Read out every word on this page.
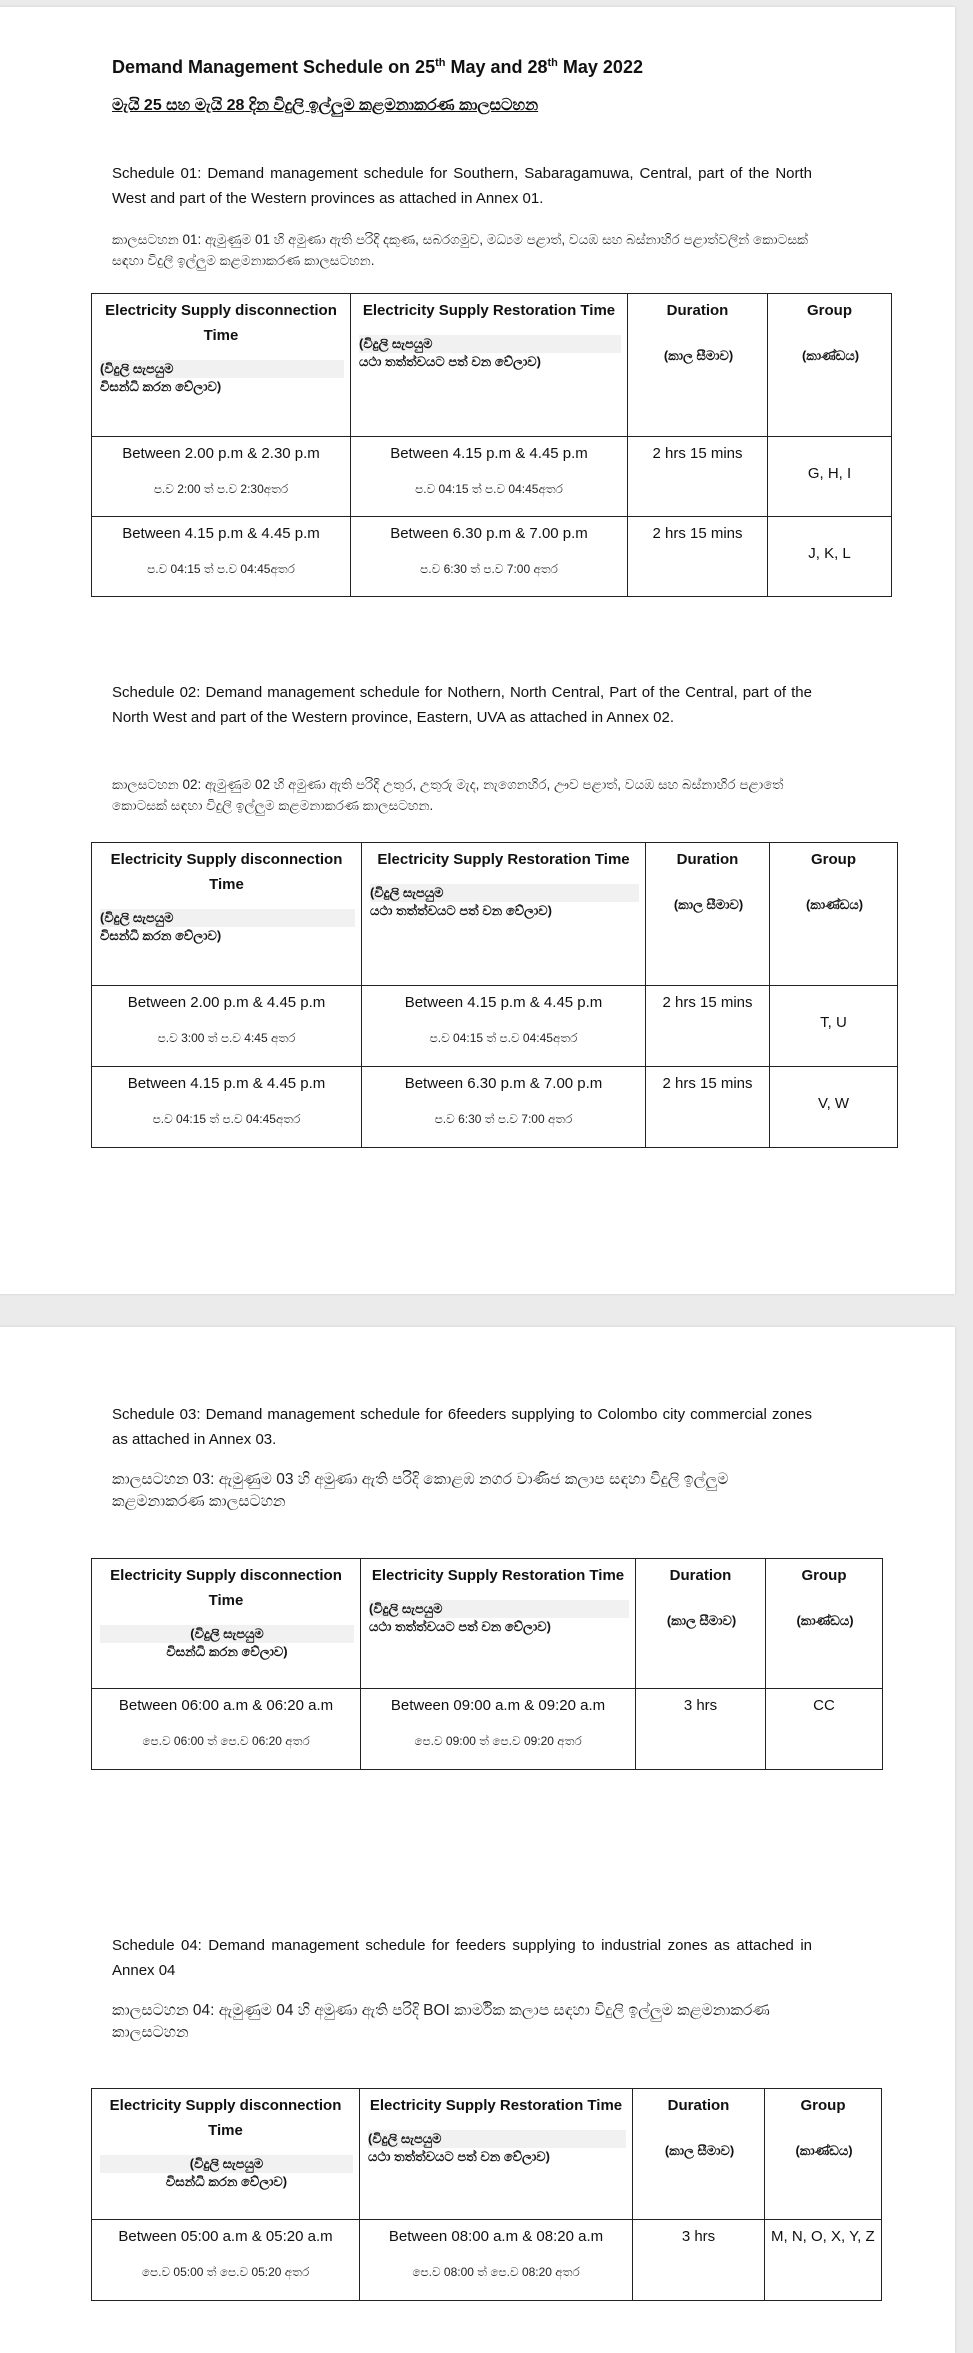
Demand Management Schedule on 25th May and 28th May 2022
මැයි 25 සහ මැයි 28 දින විදුලි ඉල්ලුම කළමනාකරණ කාලසටහන
Schedule 01: Demand management schedule for Southern, Sabaragamuwa, Central, part of the North West and part of the Western provinces as attached in Annex 01.
කාලසටහන 01: ඇමුණුම 01 හි අමුණා ඇති පරිදි දකුණ, සබරගමුව, මධ්‍යම පළාත්, වයඹ සහ බස්නාහිර පළාත්වලින් කොටසක් සඳහා විදුලි ඉල්ලුම කළමනාකරණ කාලසටහන.
Electricity Supply disconnection Time
(විදුලි සැපයුම
විසන්ධි කරන වේලාව)	Electricity Supply Restoration Time
(විදුලි සැපයුම
යථා තත්ත්වයට පත් වන වේලාව)	Duration
(කාල සීමාව)	Group
(කාණ්ඩය)

Between 2.00 p.m & 2.30 p.m
ප.ව 2:00 ත් ප.ව 2:30අතර	Between 4.15 p.m & 4.45 p.m
ප.ව 04:15 ත් ප.ව 04:45අතර	2 hrs 15 mins	G, H, I

Between 4.15 p.m & 4.45 p.m
ප.ව 04:15 ත් ප.ව 04:45අතර	Between 6.30 p.m & 7.00 p.m
ප.ව 6:30 ත් ප.ව 7:00 අතර	2 hrs 15 mins	J, K, L
Schedule 02: Demand management schedule for Nothern, North Central, Part of the Central, part of the North West and part of the Western province, Eastern, UVA as attached in Annex 02.
කාලසටහන 02: ඇමුණුම 02 හි අමුණා ඇති පරිදි උතුර, උතුරු මැද, නැගෙනහිර, ඌව පළාත්, වයඹ සහ බස්නාහිර පළාතේ කොටසක් සඳහා විදුලි ඉල්ලුම කළමනාකරණ කාලසටහන.
Electricity Supply disconnection Time
(විදුලි සැපයුම
විසන්ධි කරන වේලාව)	Electricity Supply Restoration Time
(විදුලි සැපයුම
යථා තත්ත්වයට පත් වන වේලාව)	Duration
(කාල සීමාව)	Group
(කාණ්ඩය)

Between 2.00 p.m & 4.45 p.m
ප.ව 3:00 ත් ප.ව 4:45 අතර	Between 4.15 p.m & 4.45 p.m
ප.ව 04:15 ත් ප.ව 04:45අතර	2 hrs 15 mins	T, U

Between 4.15 p.m & 4.45 p.m
ප.ව 04:15 ත් ප.ව 04:45අතර	Between 6.30 p.m & 7.00 p.m
ප.ව 6:30 ත් ප.ව 7:00 අතර	2 hrs 15 mins	V, W
Schedule 03: Demand management schedule for 6feeders supplying to Colombo city commercial zones as attached in Annex 03.
කාලසටහන 03: ඇමුණුම 03 හි අමුණා ඇති පරිදි කොළඹ නගර වාණිජ කලාප සඳහා විදුලි ඉල්ලුම කළමනාකරණ කාලසටහන
Electricity Supply disconnection Time
(විදුලි සැපයුම
විසන්ධි කරන වේලාව)	Electricity Supply Restoration Time
(විදුලි සැපයුම
යථා තත්ත්වයට පත් වන වේලාව)	Duration
(කාල සීමාව)	Group
(කාණ්ඩය)

Between 06:00 a.m & 06:20 a.m
පෙ.ව 06:00 ත් පෙ.ව 06:20 අතර	Between 09:00 a.m & 09:20 a.m
පෙ.ව 09:00 ත් පෙ.ව 09:20 අතර	3 hrs	CC
Schedule 04: Demand management schedule for feeders supplying to industrial zones as attached in Annex 04
කාලසටහන 04: ඇමුණුම 04 හි අමුණා ඇති පරිදි BOI කාර්මික කලාප සඳහා විදුලි ඉල්ලුම කළමනාකරණ කාලසටහන
Electricity Supply disconnection Time
(විදුලි සැපයුම
විසන්ධි කරන වේලාව)	Electricity Supply Restoration Time
(විදුලි සැපයුම
යථා තත්ත්වයට පත් වන වේලාව)	Duration
(කාල සීමාව)	Group
(කාණ්ඩය)

Between 05:00 a.m & 05:20 a.m
පෙ.ව 05:00 ත් පෙ.ව 05:20 අතර	Between 08:00 a.m & 08:20 a.m
පෙ.ව 08:00 ත් පෙ.ව 08:20 අතර	3 hrs	M, N, O, X, Y, Z
